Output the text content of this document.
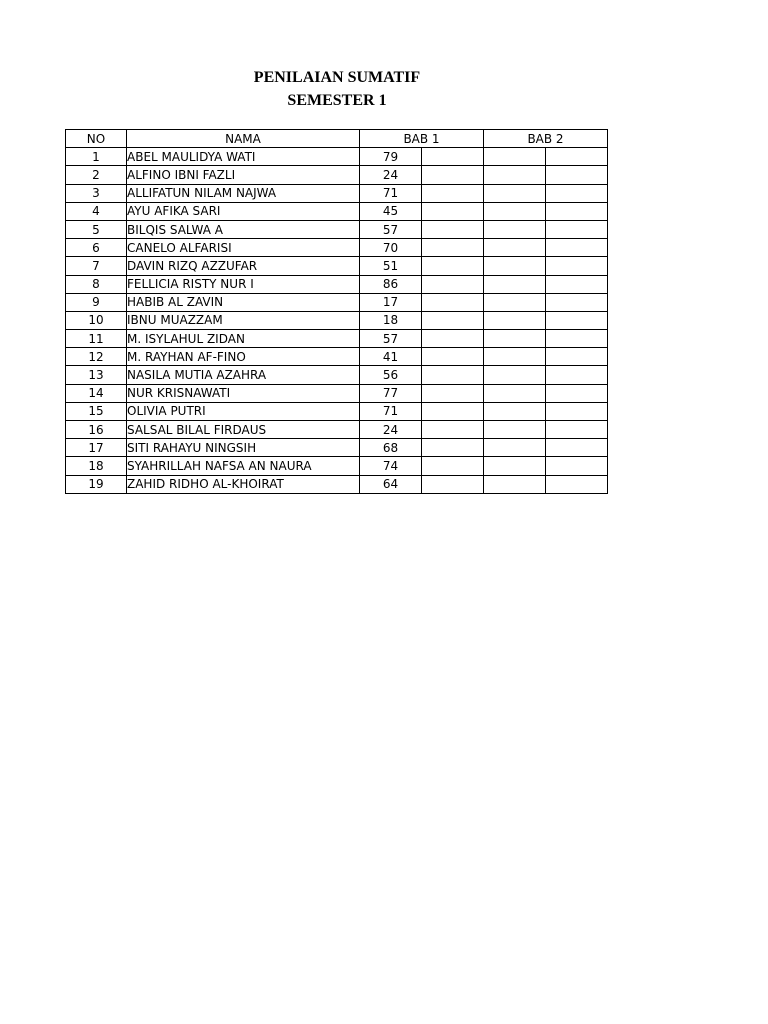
PENILAIAN SUMATIF
SEMESTER 1
NO	NAMA	BAB 1		BAB 2	
1	ABEL MAULIDYA WATI	79			
2	ALFINO IBNI FAZLI	24			
3	ALLIFATUN NILAM NAJWA	71			
4	AYU AFIKA SARI	45			
5	BILQIS SALWA A	57			
6	CANELO ALFARISI	70			
7	DAVIN RIZQ AZZUFAR	51			
8	FELLICIA RISTY NUR I	86			
9	HABIB AL ZAVIN	17			
10	IBNU MUAZZAM	18			
11	M. ISYLAHUL ZIDAN	57			
12	M. RAYHAN AF-FINO	41			
13	NASILA MUTIA AZAHRA	56			
14	NUR KRISNAWATI	77			
15	OLIVIA PUTRI	71			
16	SALSAL BILAL FIRDAUS	24			
17	SITI RAHAYU NINGSIH	68			
18	SYAHRILLAH NAFSA AN NAURA	74			
19	ZAHID RIDHO AL-KHOIRAT	64			
